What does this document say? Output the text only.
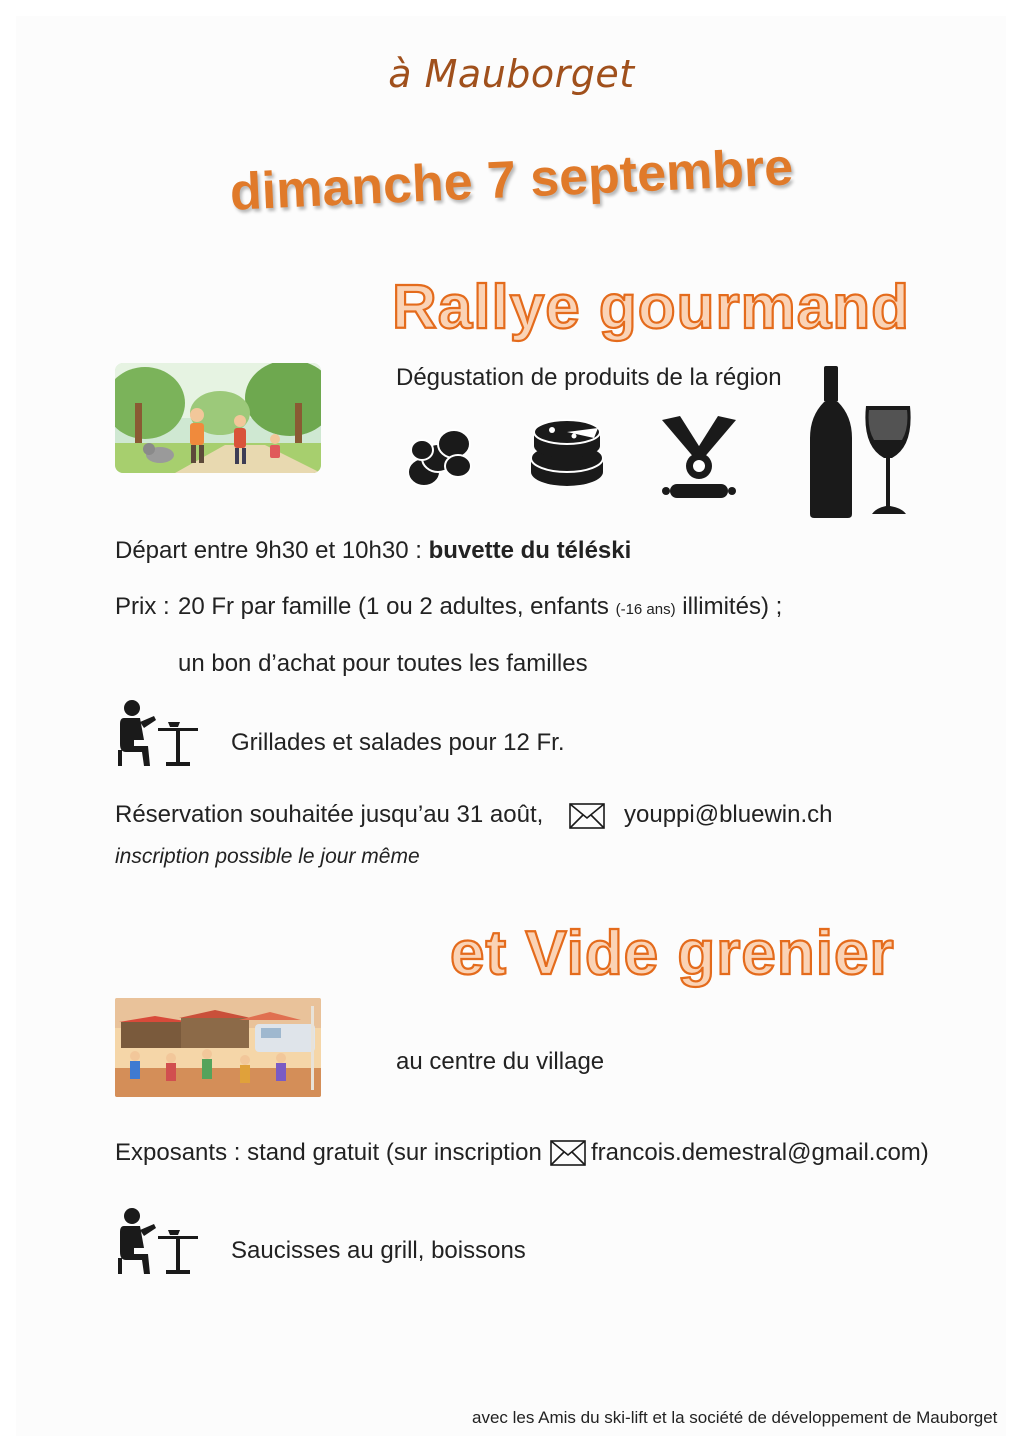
à Mauborget
dimanche 7 septembre
Rallye gourmand
Dégustation de produits de la région
Départ entre 9h30 et 10h30 : buvette du téléski
Prix : 20 Fr par famille (1 ou 2 adultes, enfants (-16 ans) illimités) ;
un bon d’achat pour toutes les familles
Grillades et salades pour 12 Fr.
Réservation souhaitée jusqu’au 31 août,	youppi@bluewin.ch
inscription possible le jour même
et Vide grenier
au centre du village
Exposants : stand gratuit (sur inscription francois.demestral@gmail.com)
Saucisses au grill, boissons
avec les Amis du ski-lift et la société de développement de Mauborget
